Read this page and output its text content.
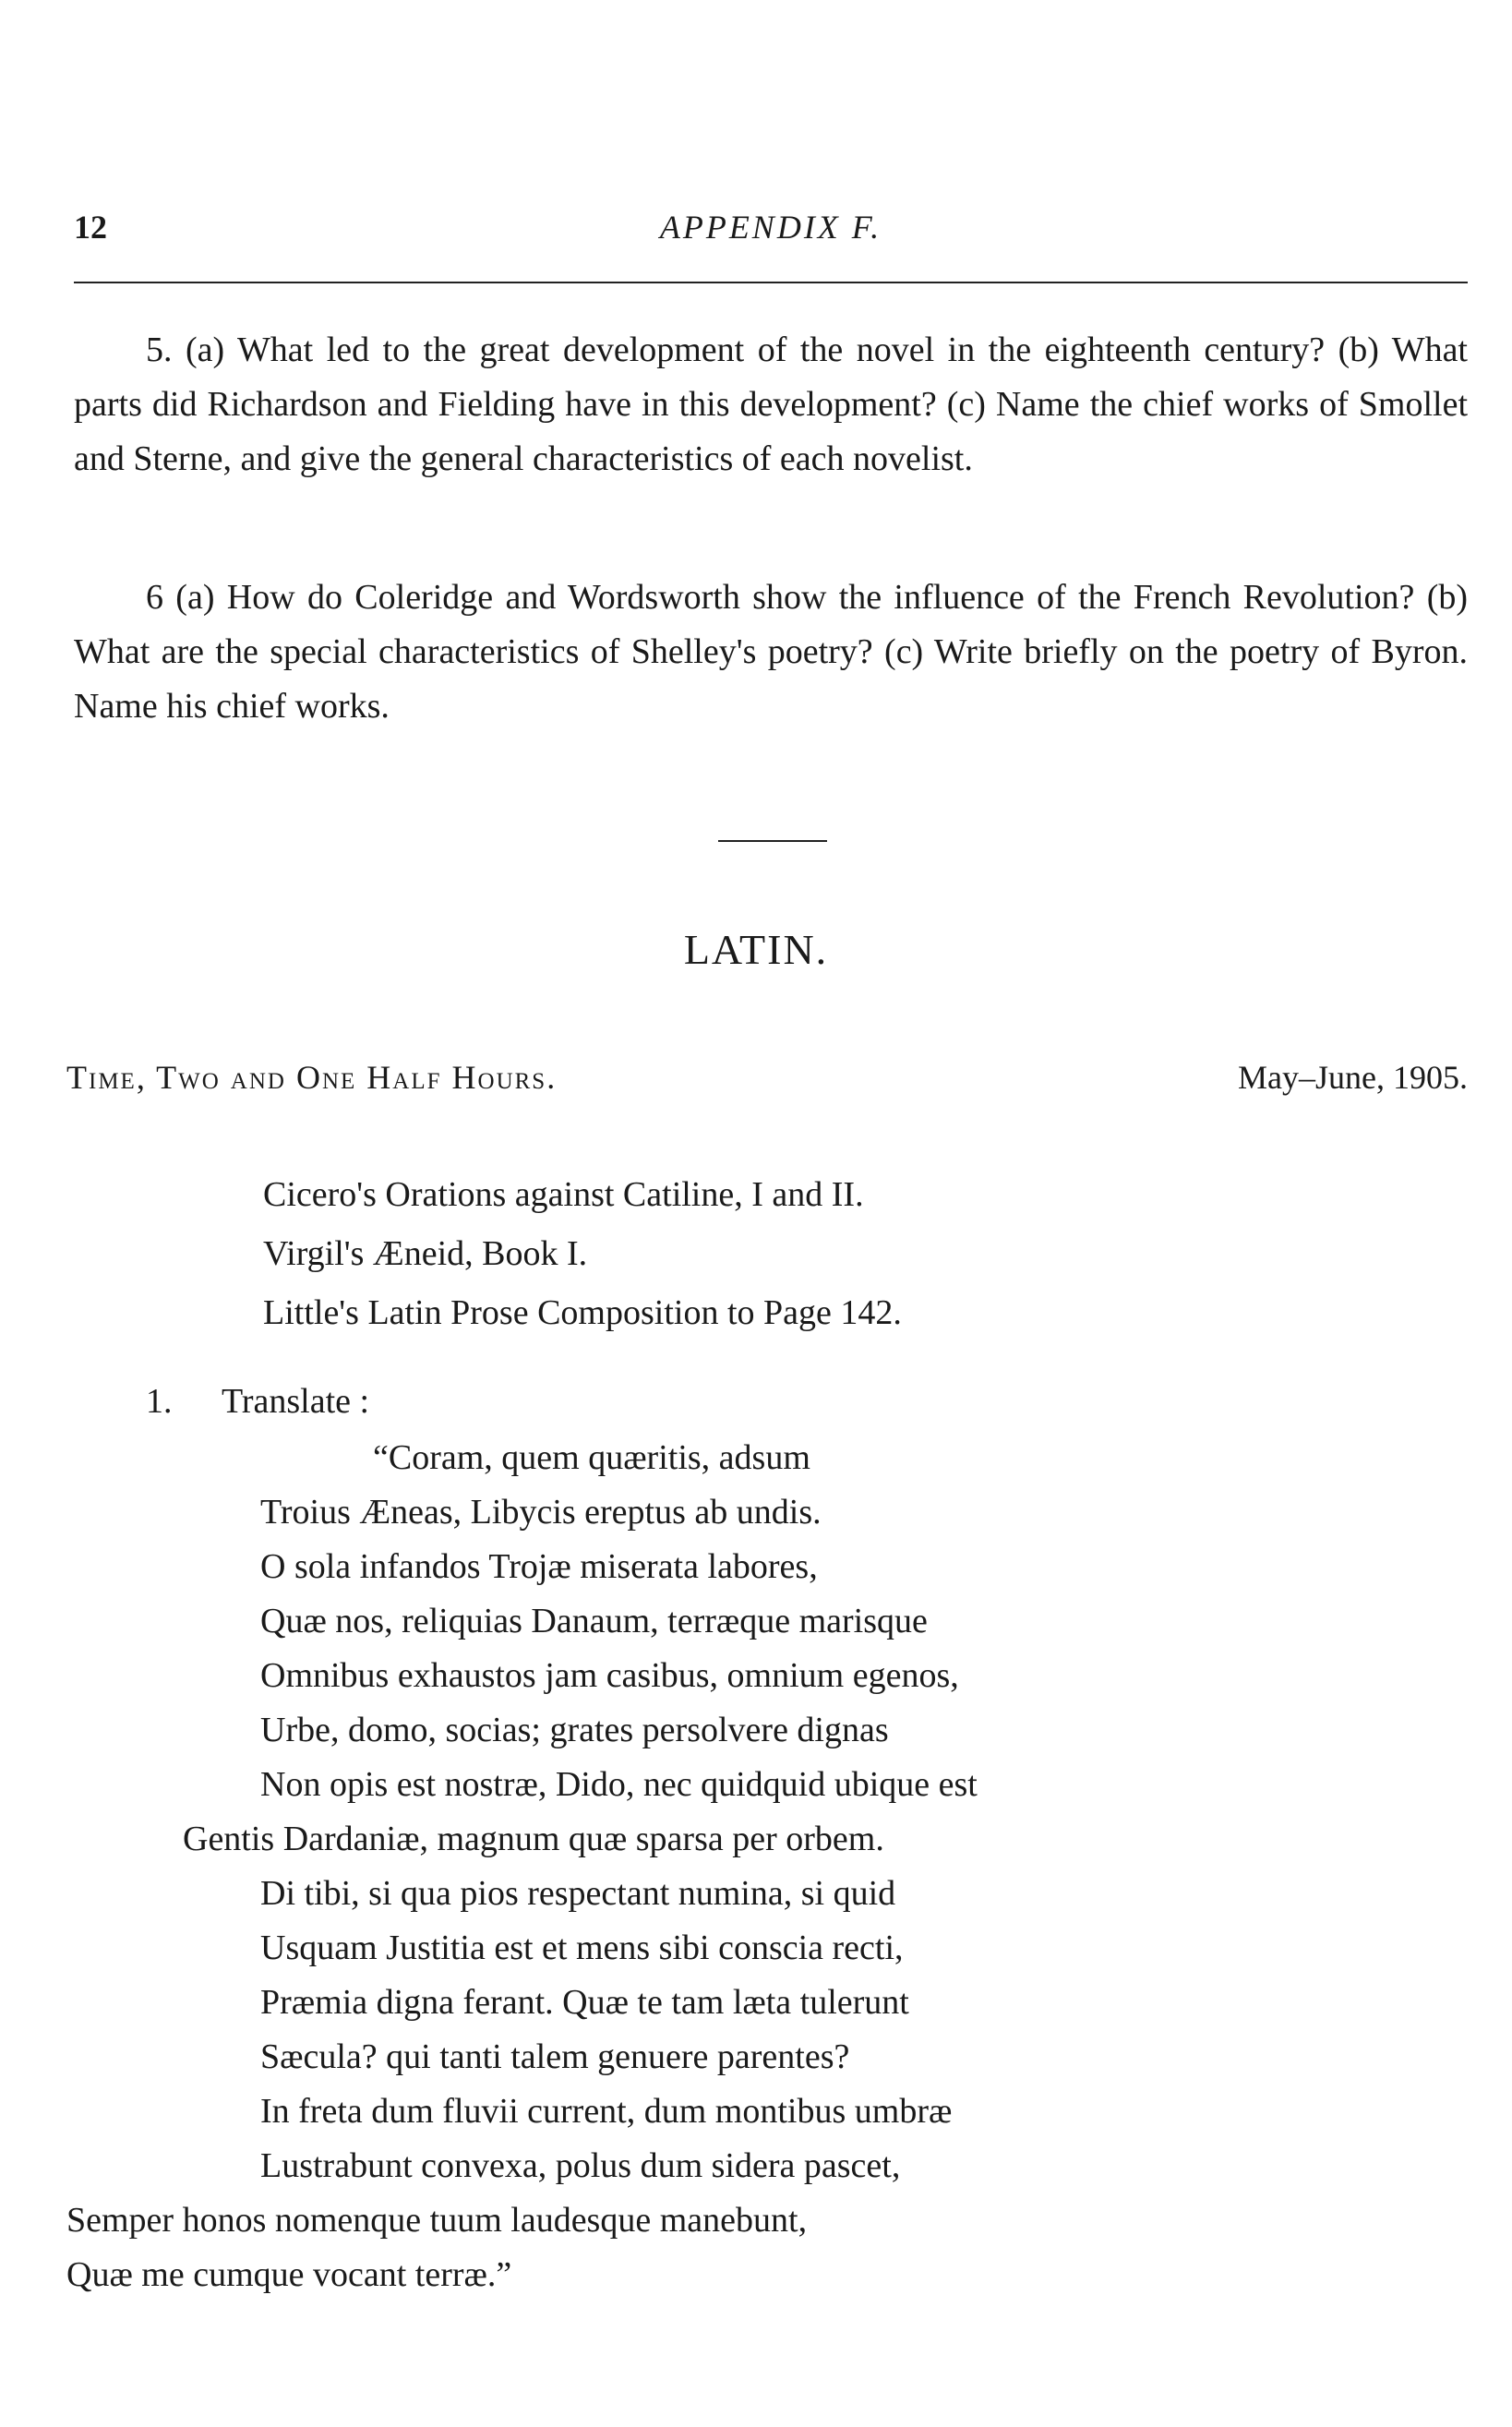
12	APPENDIX F.

5. (a) What led to the great development of the novel in the eighteenth century? (b) What parts did Richardson and Fielding have in this development? (c) Name the chief works of Smollet and Sterne, and give the general characteristics of each novelist.

6 (a) How do Coleridge and Wordsworth show the influence of the French Revolution? (b) What are the special characteristics of Shelley's poetry? (c) Write briefly on the poetry of Byron. Name his chief works.

LATIN.
Time, Two and One Half Hours.	May–June, 1905.
Cicero's Orations against Catiline, I and II.
Virgil's Æneid, Book I.
Little's Latin Prose Composition to Page 142.
1. Translate :
“Coram, quem quæritis, adsum
Troius Æneas, Libycis ereptus ab undis.
O sola infandos Trojæ miserata labores,
Quæ nos, reliquias Danaum, terræque marisque
Omnibus exhaustos jam casibus, omnium egenos,
Urbe, domo, socias; grates persolvere dignas
Non opis est nostræ, Dido, nec quidquid ubique est
Gentis Dardaniæ, magnum quæ sparsa per orbem.
Di tibi, si qua pios respectant numina, si quid
Usquam Justitia est et mens sibi conscia recti,
Præmia digna ferant. Quæ te tam læta tulerunt
Sæcula? qui tanti talem genuere parentes?
In freta dum fluvii current, dum montibus umbræ
Lustrabunt convexa, polus dum sidera pascet,
Semper honos nomenque tuum laudesque manebunt,
Quæ me cumque vocant terræ.”
